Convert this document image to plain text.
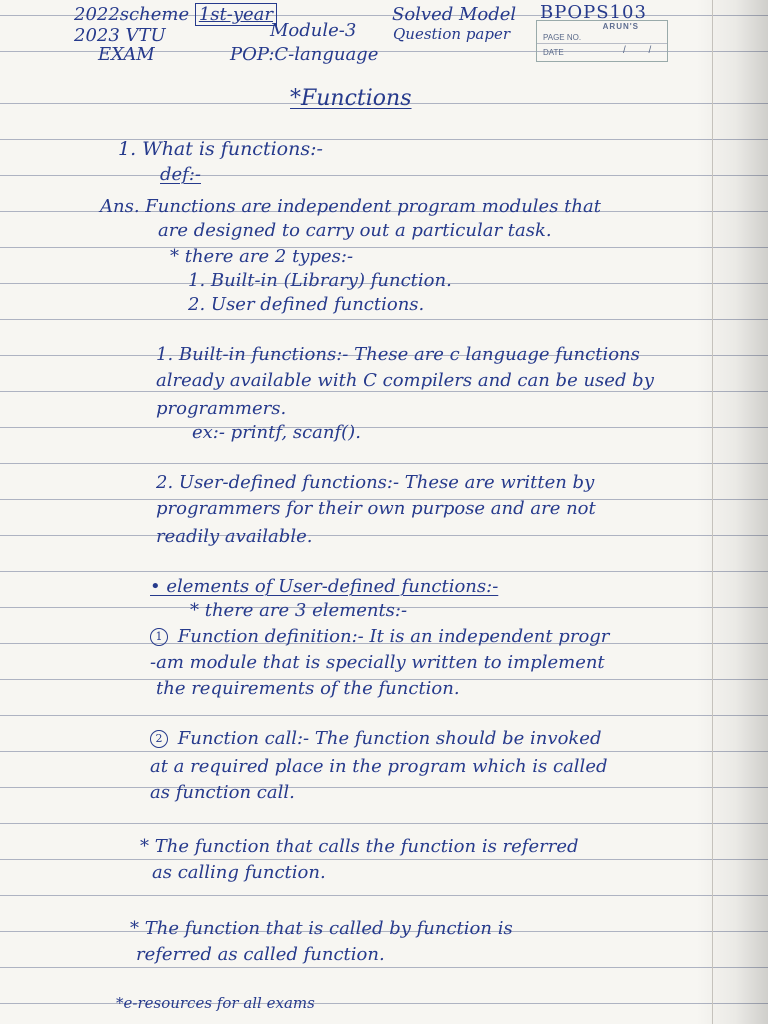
2022scheme 1st-year
2023 VTU
EXAM
Module-3
POP:C-language
Solved Model
Question paper
BPOPS103
ARUN'S
PAGE NO.
DATE	/ /
*Functions
1. What is functions:-
def:-
Ans. Functions are independent program modules that
are designed to carry out a particular task.
* there are 2 types:-
1. Built-in (Library) function.
2. User defined functions.
1. Built-in functions:- These are c language functions
already available with C compilers and can be used by
programmers.
ex:- printf, scanf().
2. User-defined functions:- These are written by
programmers for their own purpose and are not
readily available.
• elements of User-defined functions:-
* there are 3 elements:-
1 Function definition:- It is an independent progr
-am module that is specially written to implement
the requirements of the function.
2 Function call:- The function should be invoked
at a required place in the program which is called
as function call.
* The function that calls the function is referred
as calling function.
* The function that is called by function is
referred as called function.
*e-resources for all exams
